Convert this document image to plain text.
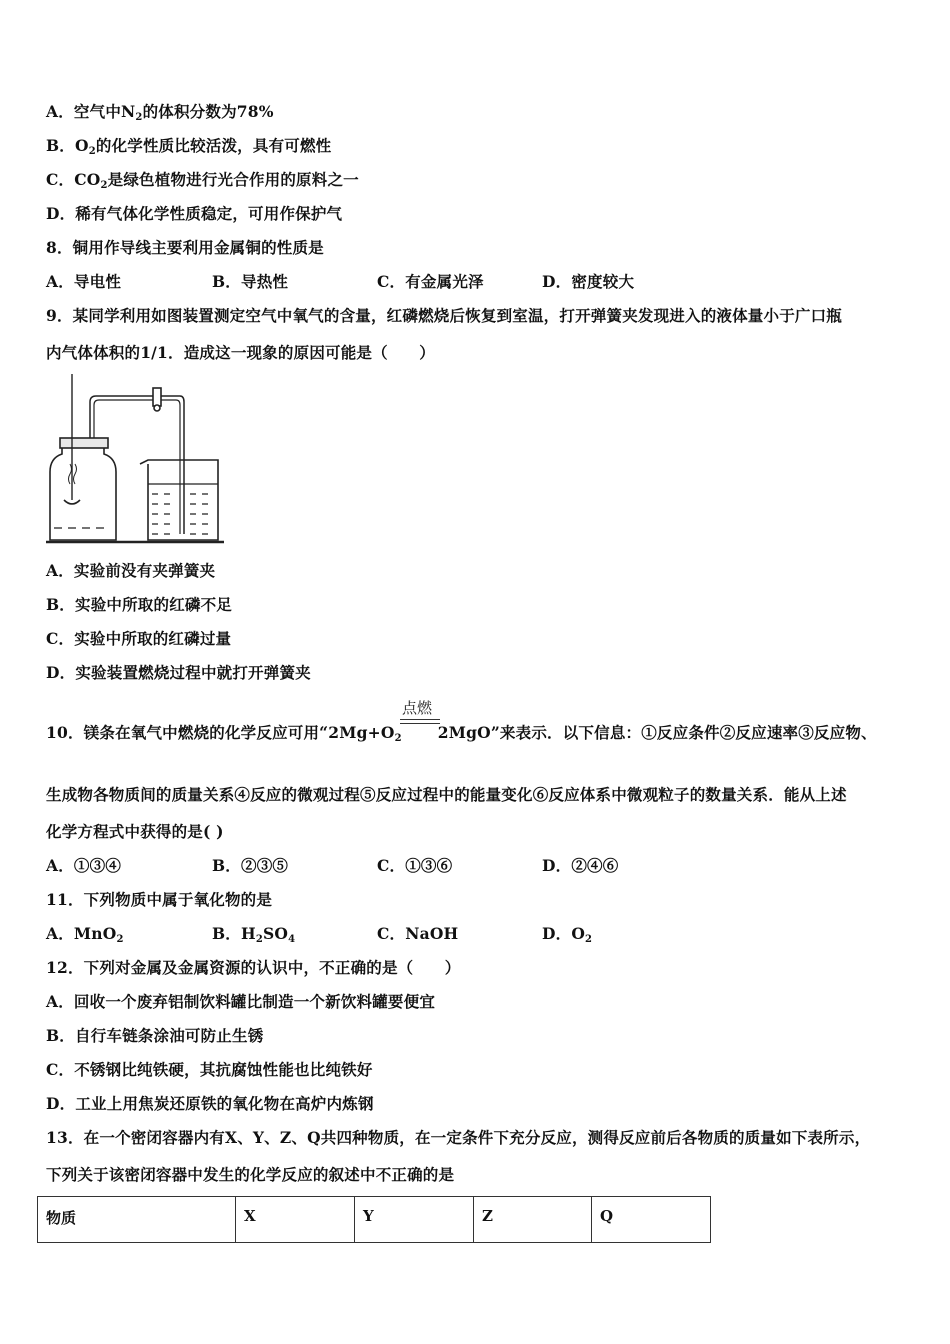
A．空气中$N_2$的体积分数为78%
B．$O_2$的化学性质比较活泼，具有可燃性
C．$CO_2$是绿色植物进行光合作用的原料之一
D．稀有气体化学性质稳定，可用作保护气
8．铜用作导线主要利用金属铜的性质是
A．导电性	B．导热性	C．有金属光泽	D．密度较大
9．某同学利用如图装置测定空气中氧气的含量，红磷燃烧后恢复到室温，打开弹簧夹发现进入的液体量小于广口瓶
内气体体积的1/1．造成这一现象的原因可能是（　　）
A．实验前没有夹弹簧夹
B．实验中所取的红磷不足
C．实验中所取的红磷过量
D．实验装置燃烧过程中就打开弹簧夹
点燃
10．镁条在氧气中燃烧的化学反应可用“$2Mg+O_2$ 2MgO”来表示．以下信息：①反应条件②反应速率③反应物、
生成物各物质间的质量关系④反应的微观过程⑤反应过程中的能量变化⑥反应体系中微观粒子的数量关系．能从上述
化学方程式中获得的是( )
A．①③④	B．②③⑤	C．①③⑥	D．②④⑥
11．下列物质中属于氧化物的是
A．MnO$_2$	B．$H_2SO_4$	C．NaOH	D．$O_2$
12．下列对金属及金属资源的认识中，不正确的是（　　）
A．回收一个废弃铝制饮料罐比制造一个新饮料罐要便宜
B．自行车链条涂油可防止生锈
C．不锈钢比纯铁硬，其抗腐蚀性能也比纯铁好
D．工业上用焦炭还原铁的氧化物在高炉内炼钢
13．在一个密闭容器内有X、Y、Z、Q共四种物质，在一定条件下充分反应，测得反应前后各物质的质量如下表所示，
下列关于该密闭容器中发生的化学反应的叙述中不正确的是
物质	X	Y	Z	Q
